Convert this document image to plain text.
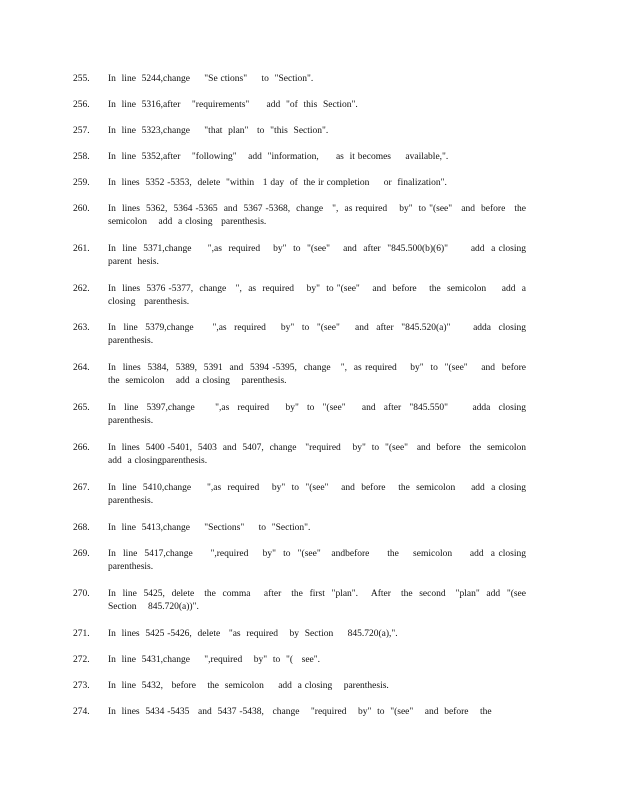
255. In  line  5244,change     "Se ctions"     to  "Section".
256. In  line  5316,after    "requirements"      add  "of  this  Section".
257. In  line  5323,change     "that  plan"   to  "this  Section".
258. In  line  5352,after    "following"    add  "information,      as  it becomes     available,".
259. In  lines  5352 -5353,  delete  "within   1 day  of  the ir completion     or  finalization".
260. In  lines  5362,  5364 -5365  and  5367 -5368,  change   ",  as required    by"  to "(see"   and  before   the  semicolon    add  a closing   parenthesis.
261. In  line  5371,change     ",as  required    by"  to  "(see"    and  after  "845.500(b)(6)"       add  a closing   parent  hesis.
262. In  lines  5376 -5377,  change   ",  as  required    by"  to "(see"    and  before    the  semicolon     add  a  closing   parenthesis.
263. In  line  5379,change     ",as  required    by"  to  "(see"    and  after  "845.520(a)"      adda  closing   parenthesis.
264. In  lines  5384,  5389,  5391  and  5394 -5395,  change   ",  as required    by"  to  "(see"    and  before   the  semicolon    add  a closing    parenthesis.
265. In  line  5397,change     ",as  required    by"  to  "(see"    and  after  "845.550"      adda  closing   parenthesis.
266. In  lines  5400 -5401,  5403  and  5407,  change   "required    by"  to  "(see"   and  before   the  semicolon    add  a closingparenthesis.
267. In  line  5410,change     ",as  required    by"  to  "(see"    and  before    the  semicolon     add  a closing   parenthesis.
268. In  line  5413,change     "Sections"     to  "Section".
269. In  line  5417,change     ",required    by"  to  "(see"   andbefore     the    semicolon     add  a closing   parenthesis.
270. In  line  5425,  delete   the  comma    after   the  first  "plan".    After   the  second   "plan"  add  "(see  Section    845.720(a))".
271. In  lines  5425 -5426,  delete   "as  required    by  Section     845.720(a),".
272. In  line  5431,change     ",required    by"  to  "(   see".
273. In  line  5432,   before    the  semicolon     add  a closing    parenthesis.
274. In  lines  5434 -5435   and  5437 -5438,   change    "required    by"  to  "(see"    and  before    the
